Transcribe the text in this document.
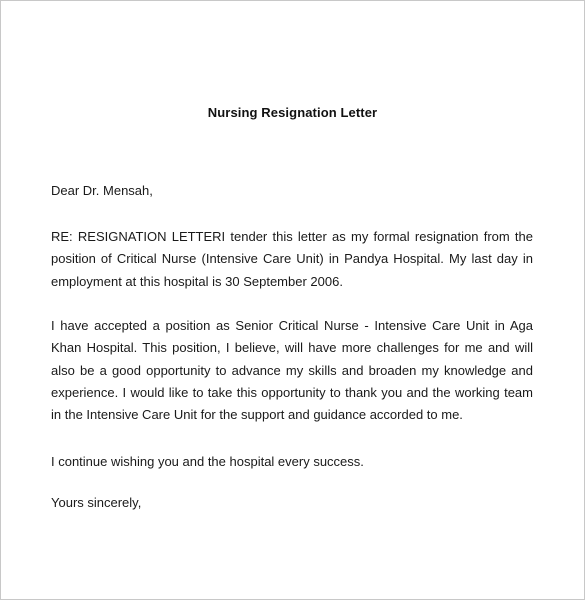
Nursing Resignation Letter

Dear Dr. Mensah,

RE: RESIGNATION LETTERI tender this letter as my formal resignation from the position of Critical Nurse (Intensive Care Unit) in Pandya Hospital. My last day in employment at this hospital is 30 September 2006.

I have accepted a position as Senior Critical Nurse - Intensive Care Unit in Aga Khan Hospital. This position, I believe, will have more challenges for me and will also be a good opportunity to advance my skills and broaden my knowledge and experience. I would like to take this opportunity to thank you and the working team in the Intensive Care Unit for the support and guidance accorded to me.

I continue wishing you and the hospital every success.

Yours sincerely,
